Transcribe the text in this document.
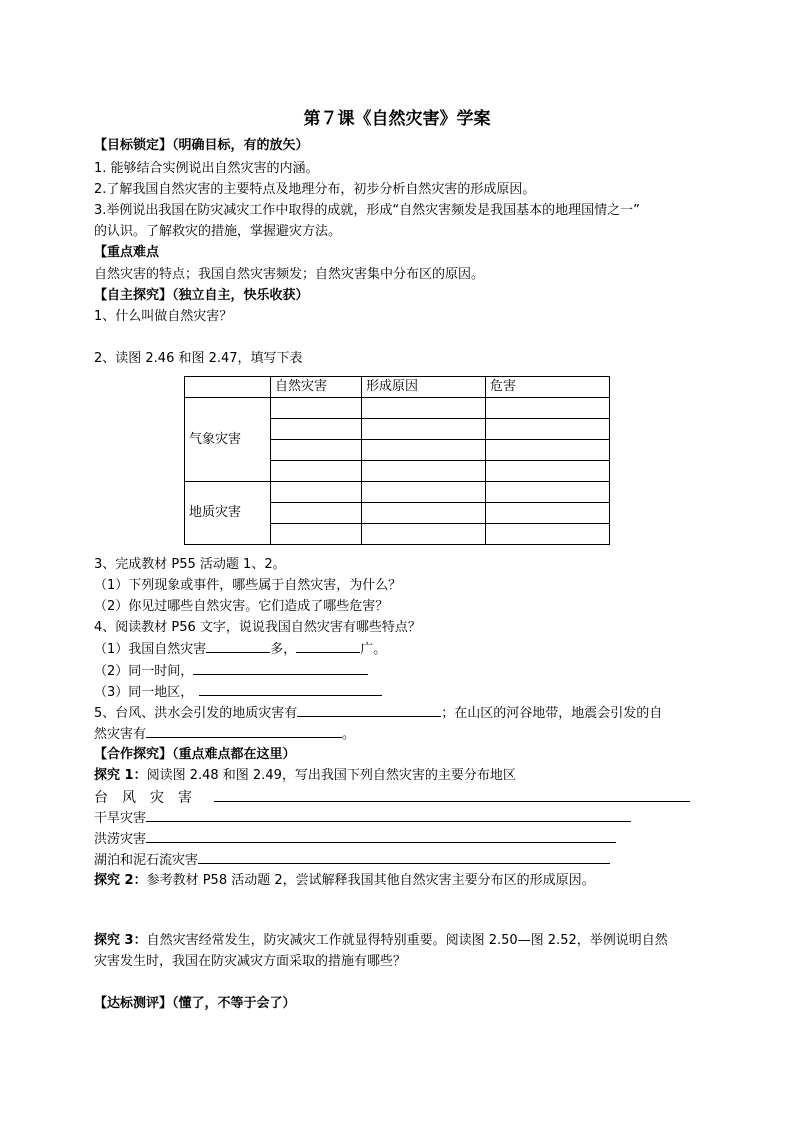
第７课《自然灾害》学案
【目标锁定】（明确目标，有的放矢）
1. 能够结合实例说出自然灾害的内涵。
2.了解我国自然灾害的主要特点及地理分布，初步分析自然灾害的形成原因。
3.举例说出我国在防灾减灾工作中取得的成就，形成“自然灾害频发是我国基本的地理国情之一”
的认识。了解救灾的措施，掌握避灾方法。
【重点难点
自然灾害的特点；我国自然灾害频发；自然灾害集中分布区的原因。
【自主探究】（独立自主，快乐收获）
1、什么叫做自然灾害？
2、读图 2.46 和图 2.47，填写下表
	自然灾害	形成原因	危害
气象灾害			

地质灾害			

3、完成教材 P55 活动题 1、2。
（1）下列现象或事件，哪些属于自然灾害，为什么？
（2）你见过哪些自然灾害。它们造成了哪些危害？
4、阅读教材 P56 文字，说说我国自然灾害有哪些特点？
（1）我国自然灾害	多，	广。
（2）同一时间，
（3）同一地区，
5、台风、洪水会引发的地质灾害有	；在山区的河谷地带，地震会引发的自
然灾害有	。
【合作探究】（重点难点都在这里）
探究 1：阅读图 2.48 和图 2.49，写出我国下列自然灾害的主要分布地区
台风灾害
干旱灾害
洪涝灾害
湖泊和泥石流灾害
探究 2：参考教材 P58 活动题 2，尝试解释我国其他自然灾害主要分布区的形成原因。
探究 3：自然灾害经常发生，防灾减灾工作就显得特别重要。阅读图 2.50—图 2.52，举例说明自然
灾害发生时，我国在防灾减灾方面采取的措施有哪些？
【达标测评】（懂了，不等于会了）
